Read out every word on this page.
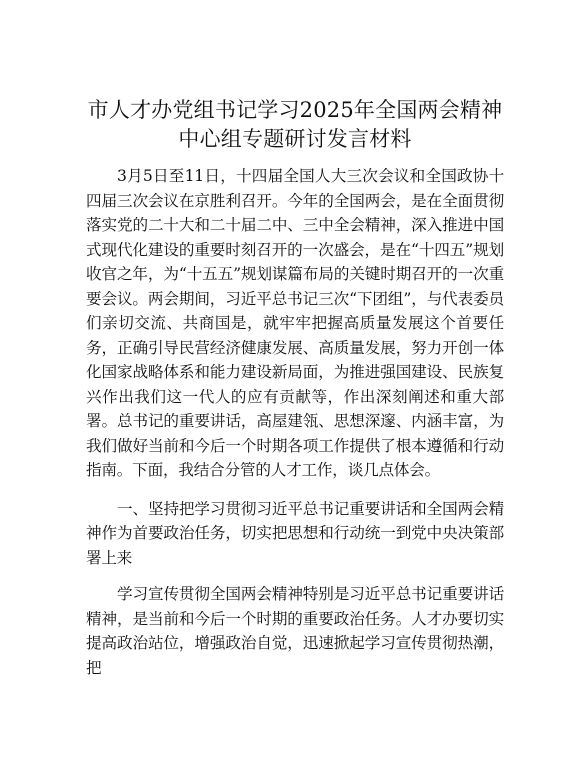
市人才办党组书记学习2025年全国两会精神中心组专题研讨发言材料

3月5日至11日，十四届全国人大三次会议和全国政协十四届三次会议在京胜利召开。今年的全国两会，是在全面贯彻落实党的二十大和二十届二中、三中全会精神，深入推进中国式现代化建设的重要时刻召开的一次盛会，是在“十四五”规划收官之年，为“十五五”规划谋篇布局的关键时期召开的一次重要会议。两会期间，习近平总书记三次“下团组”，与代表委员们亲切交流、共商国是，就牢牢把握高质量发展这个首要任务，正确引导民营经济健康发展、高质量发展，努力开创一体化国家战略体系和能力建设新局面，为推进强国建设、民族复兴作出我们这一代人的应有贡献等，作出深刻阐述和重大部署。总书记的重要讲话，高屋建瓴、思想深邃、内涵丰富，为我们做好当前和今后一个时期各项工作提供了根本遵循和行动指南。下面，我结合分管的人才工作，谈几点体会。

一、坚持把学习贯彻习近平总书记重要讲话和全国两会精神作为首要政治任务，切实把思想和行动统一到党中央决策部署上来

学习宣传贯彻全国两会精神特别是习近平总书记重要讲话精神，是当前和今后一个时期的重要政治任务。人才办要切实提高政治站位，增强政治自觉，迅速掀起学习宣传贯彻热潮，把
